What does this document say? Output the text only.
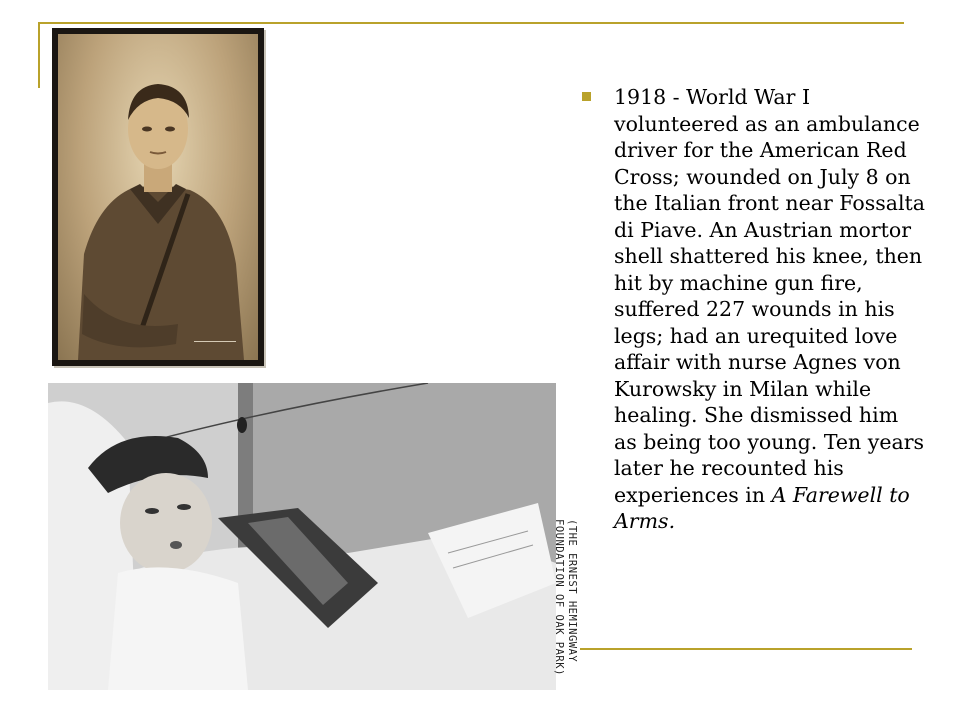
(THE ERNEST HEMINGWAY
FOUNDATION OF OAK PARK)

1918 - World War I volunteered as an ambulance driver for the American Red Cross; wounded on July 8 on the Italian front near Fossalta di Piave. An Austrian mortor shell shattered his knee, then hit by machine gun fire, suffered 227 wounds in his legs; had an urequited love affair with nurse Agnes von Kurowsky in Milan while healing. She dismissed him as being too young. Ten years later he recounted his experiences in A Farewell to Arms.
